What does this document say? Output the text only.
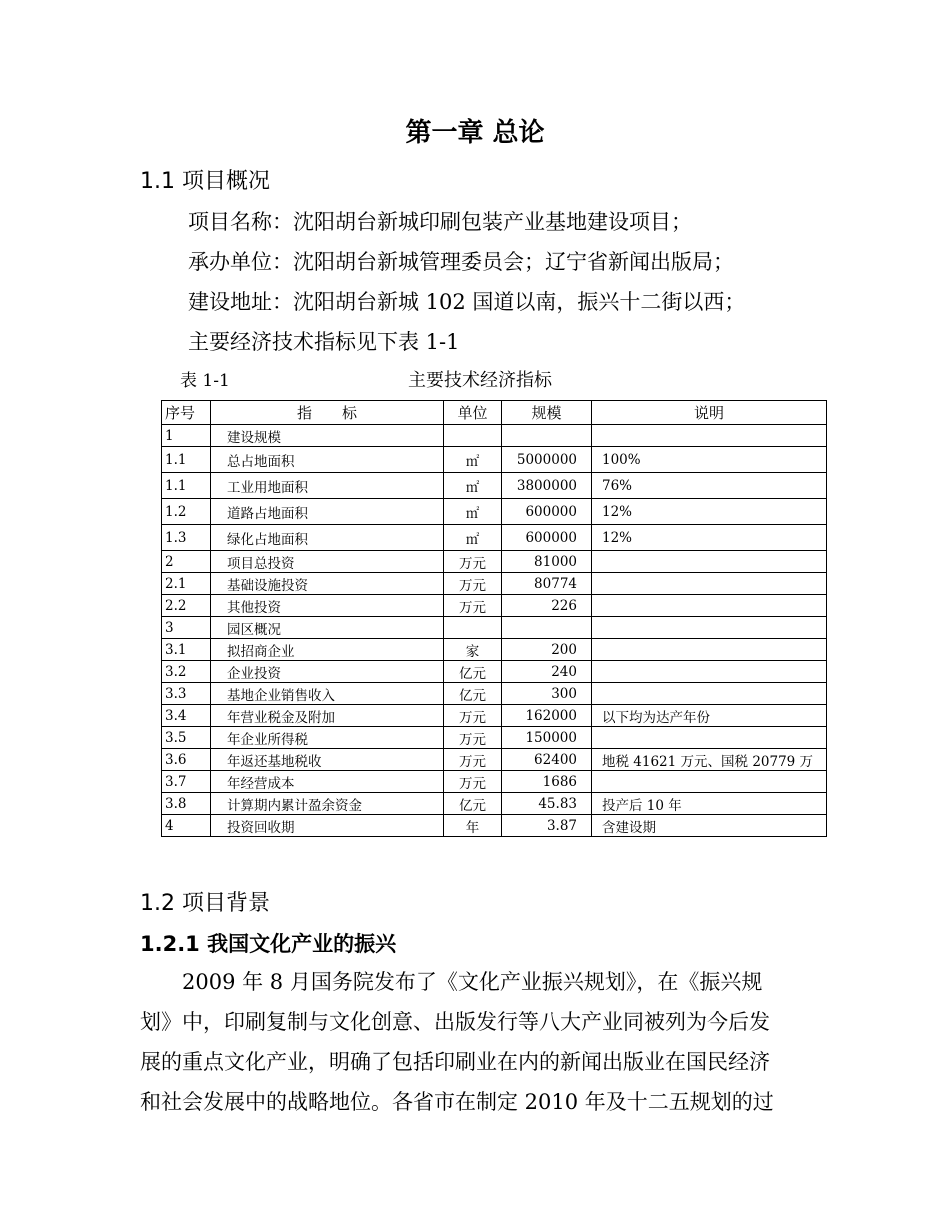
第一章 总论
1.1 项目概况
项目名称：沈阳胡台新城印刷包装产业基地建设项目；
承办单位：沈阳胡台新城管理委员会；辽宁省新闻出版局；
建设地址：沈阳胡台新城 102 国道以南，振兴十二街以西；
主要经济技术指标见下表 1-1
表 1-1	主要技术经济指标
序号	指　　标	单位	规模	说明
1	建设规模			
1.1	总占地面积	㎡	5000000	100%
1.1	工业用地面积	㎡	3800000	76%
1.2	道路占地面积	㎡	600000	12%
1.3	绿化占地面积	㎡	600000	12%
2	项目总投资	万元	81000	
2.1	基础设施投资	万元	80774	
2.2	其他投资	万元	226	
3	园区概况			
3.1	拟招商企业	家	200	
3.2	企业投资	亿元	240	
3.3	基地企业销售收入	亿元	300	
3.4	年营业税金及附加	万元	162000	以下均为达产年份
3.5	年企业所得税	万元	150000	
3.6	年返还基地税收	万元	62400	地税 41621 万元、国税 20779 万
3.7	年经营成本	万元	1686	
3.8	计算期内累计盈余资金	亿元	45.83	投产后 10 年
4	投资回收期	年	3.87	含建设期
1.2 项目背景
1.2.1 我国文化产业的振兴

　　2009 年 8 月国务院发布了《文化产业振兴规划》，在《振兴规

划》中，印刷复制与文化创意、出版发行等八大产业同被列为今后发

展的重点文化产业，明确了包括印刷业在内的新闻出版业在国民经济

和社会发展中的战略地位。各省市在制定 2010 年及十二五规划的过
